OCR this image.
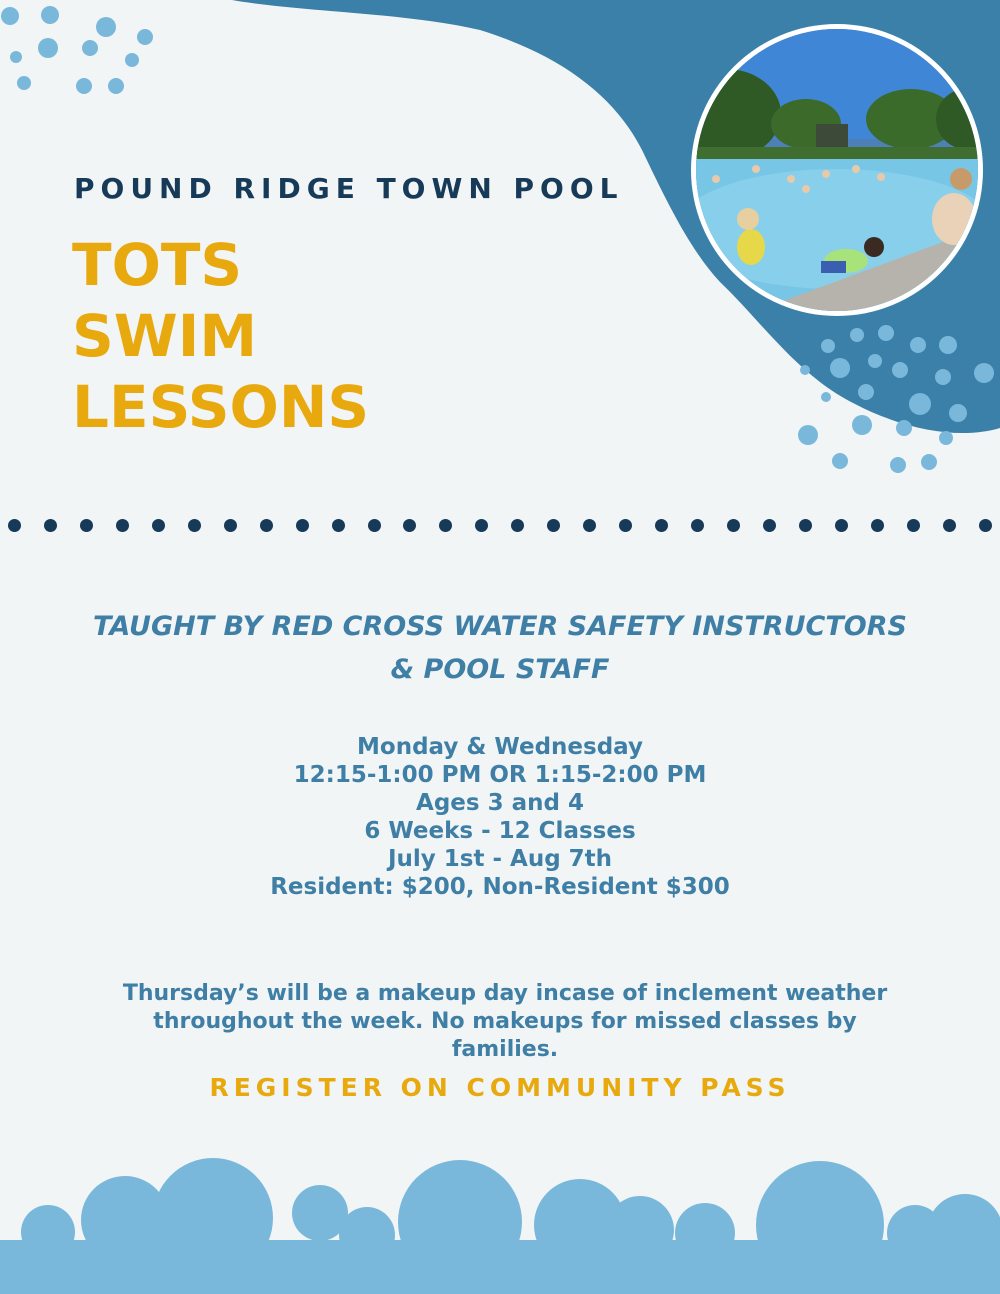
POUND RIDGE TOWN POOL
TOTS
SWIM
LESSONS
TAUGHT BY RED CROSS WATER SAFETY INSTRUCTORS
& POOL STAFF
Monday & Wednesday
12:15-1:00 PM OR 1:15-2:00 PM
Ages 3 and 4
6 Weeks - 12 Classes
July 1st - Aug 7th
Resident: $200, Non-Resident $300

Thursday’s will be a makeup day incase of inclement weather throughout the week. No makeups for missed classes by families.

REGISTER ON COMMUNITY PASS
